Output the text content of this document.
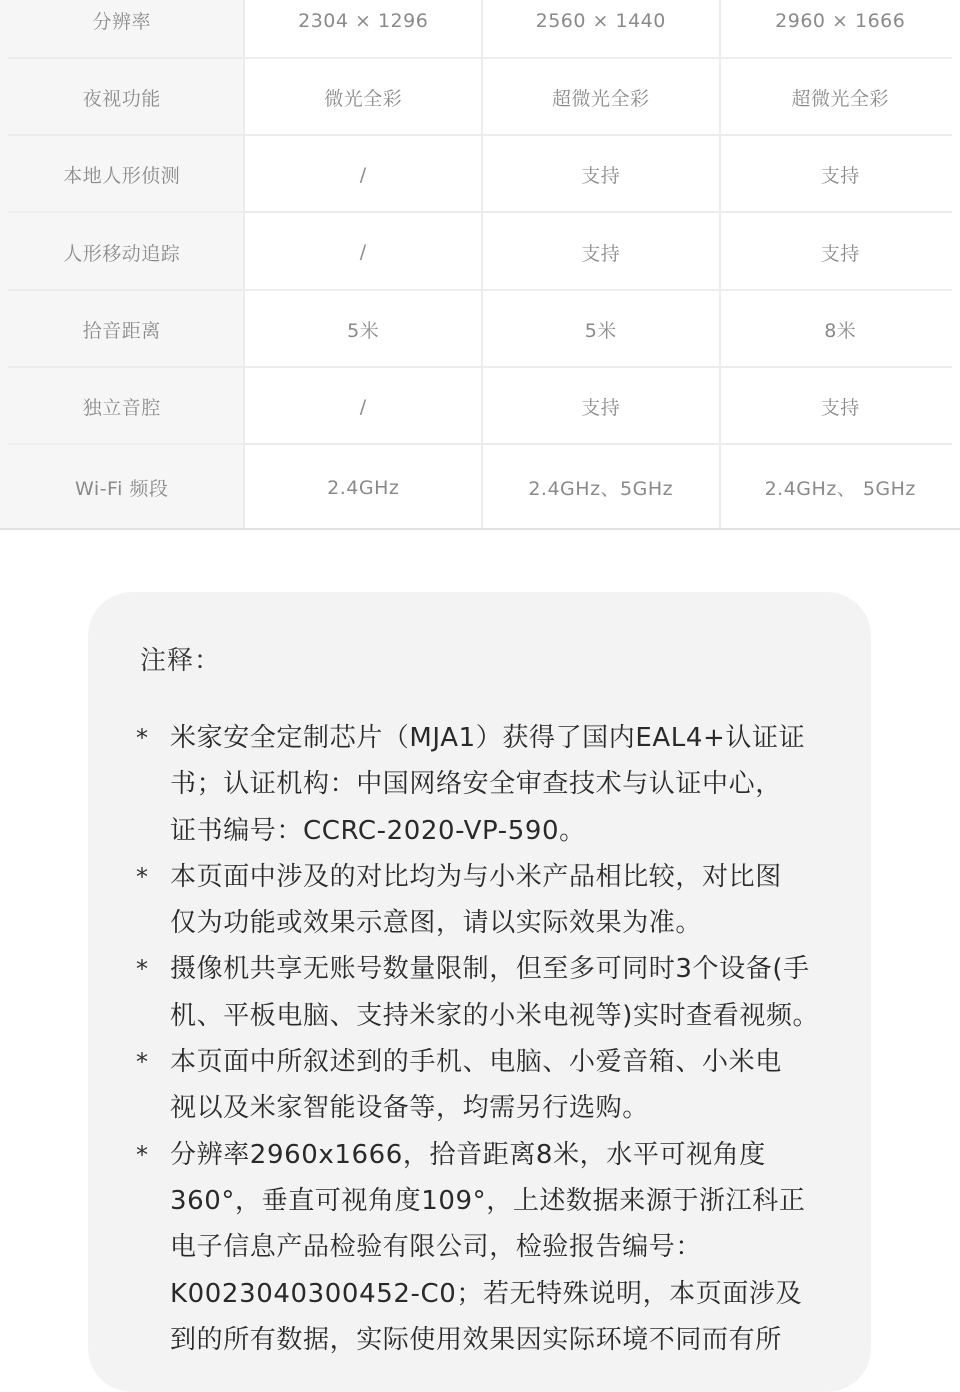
分辨率	2304 × 1296	2560 × 1440	2960 × 1666
夜视功能	微光全彩	超微光全彩	超微光全彩
本地人形侦测	/	支持	支持
人形移动追踪	/	支持	支持
拾音距离	5米	5米	8米
独立音腔	/	支持	支持
Wi-Fi 频段	2.4GHz	2.4GHz、5GHz	2.4GHz、 5GHz
注释：
* 米家安全定制芯片（MJA1）获得了国内EAL4+认证证
书；认证机构：中国网络安全审查技术与认证中心，
证书编号：CCRC-2020-VP-590。
* 本页面中涉及的对比均为与小米产品相比较，对比图
仅为功能或效果示意图，请以实际效果为准。
* 摄像机共享无账号数量限制，但至多可同时3个设备(手
机、平板电脑、支持米家的小米电视等)实时查看视频。
* 本页面中所叙述到的手机、电脑、小爱音箱、小米电
视以及米家智能设备等，均需另行选购。
* 分辨率2960x1666，拾音距离8米，水平可视角度
360°，垂直可视角度109°，上述数据来源于浙江科正
电子信息产品检验有限公司，检验报告编号：
K0023040300452-C0；若无特殊说明，本页面涉及
到的所有数据，实际使用效果因实际环境不同而有所
